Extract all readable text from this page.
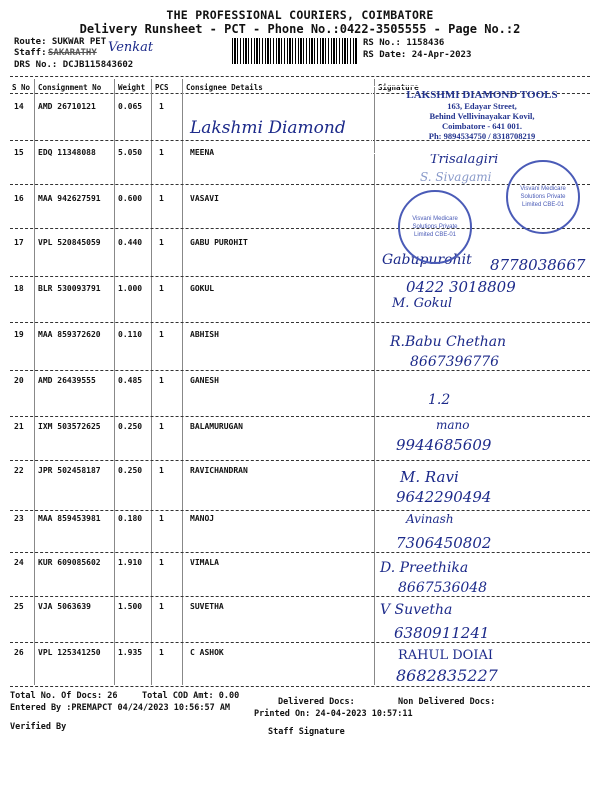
THE PROFESSIONAL COURIERS, COIMBATORE
Delivery Runsheet - PCT - Phone No.:0422-3505555 - Page No.:2
Route: SUKWAR PET
Staff: SAKARATHY Venkat
DRS No.: DCJB115843602
RS No.: 1158436
RS Date: 24-Apr-2023
S No Consignment No Weight PCS Consignee Details	Signature
14 AMD 26710121	0.065 1
Lakshmi Diamond
15 EDQ 11348088	5.050 1	MEENA	Trisalagiri
S. Sivagami
16 MAA 942627591 0.600 1	VASAVI
17 VPL 520845059 0.440 1	GABU PUROHIT
Gabupurohit 8778038667
18 BLR 530093791 1.000 1	GOKUL	0422 3018809
M. Gokul
19 MAA 859372620 0.110 1	ABHISH	R.Babu Chethan
8667396776
20 AMD 26439555	0.485 1	GANESH
1.2
21 IXM 503572625 0.250 1	BALAMURUGAN	mano
9944685609
22 JPR 502458187 0.250 1	RAVICHANDRAN	M. Ravi
9642290494
23 MAA 859453981 0.180 1	MANOJ	Avinash
7306450802
24 KUR 609085602 1.910 1	VIMALA	D. Preethika
8667536048
25 VJA 5063639	1.500 1	SUVETHA	V Suvetha
6380911241
26 VPL 125341250 1.935 1	C ASHOK	RAHUL DOIAI
8682835227
LAKSHMI DIAMOND TOOLS
163, Edayar Street,
Behind Vellivinayakar Kovil,
Coimbatore - 641 001.
Ph: 9894534750 / 8318708219
Visvani Medicare Solutions Private Limited CBE-01
Visvani Medicare Solutions Private Limited CBE-01
Total No. Of Docs: 26	Total COD Amt: 0.00
Delivered Docs:	Non Delivered Docs:
Entered By :PREMAPCT 04/24/2023 10:56:57 AM
Printed On: 24-04-2023 10:57:11
Verified By	Staff Signature
